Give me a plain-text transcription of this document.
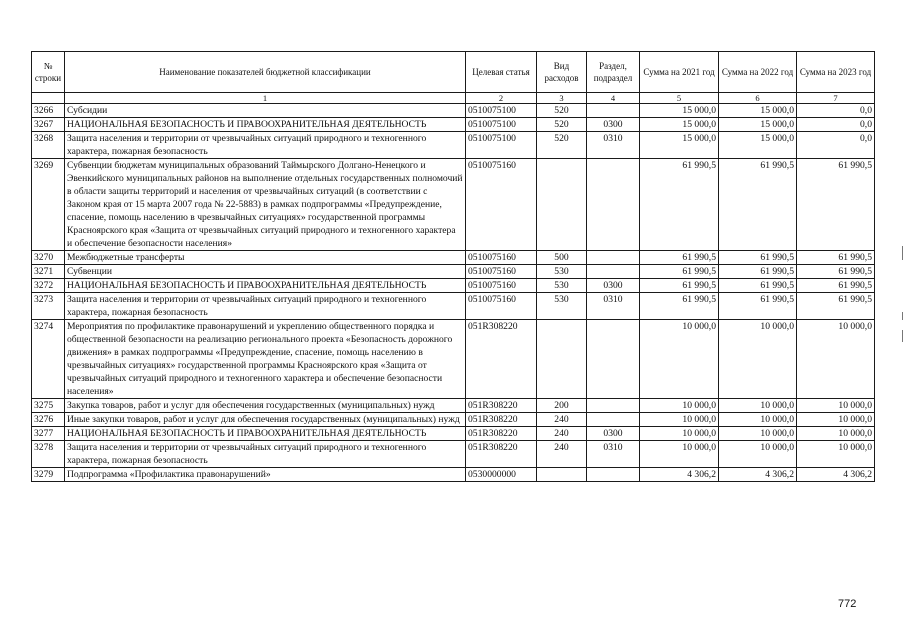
№ строки	Наименование показателей бюджетной классификации	Целевая статья	Вид расходов	Раздел, подраздел	Сумма на 2021 год	Сумма на 2022 год	Сумма на 2023 год
	1	2	3	4	5	6	7
3266	Субсидии	0510075100	520		15 000,0	15 000,0	0,0
3267	НАЦИОНАЛЬНАЯ БЕЗОПАСНОСТЬ И ПРАВООХРАНИТЕЛЬНАЯ ДЕЯТЕЛЬНОСТЬ	0510075100	520	0300	15 000,0	15 000,0	0,0
3268	Защита населения и территории от чрезвычайных ситуаций природного и техногенного характера, пожарная безопасность	0510075100	520	0310	15 000,0	15 000,0	0,0
3269	Субвенции бюджетам муниципальных образований Таймырского Долгано-Ненецкого и Эвенкийского муниципальных районов на выполнение отдельных государственных полномочий в области защиты территорий и населения от чрезвычайных ситуаций (в соответствии с Законом края от 15 марта 2007 года № 22-5883) в рамках подпрограммы «Предупреждение, спасение, помощь населению в чрезвычайных ситуациях» государственной программы Красноярского края «Защита от чрезвычайных ситуаций природного и техногенного характера и обеспечение безопасности населения»	0510075160			61 990,5	61 990,5	61 990,5
3270	Межбюджетные трансферты	0510075160	500		61 990,5	61 990,5	61 990,5
3271	Субвенции	0510075160	530		61 990,5	61 990,5	61 990,5
3272	НАЦИОНАЛЬНАЯ БЕЗОПАСНОСТЬ И ПРАВООХРАНИТЕЛЬНАЯ ДЕЯТЕЛЬНОСТЬ	0510075160	530	0300	61 990,5	61 990,5	61 990,5
3273	Защита населения и территории от чрезвычайных ситуаций природного и техногенного характера, пожарная безопасность	0510075160	530	0310	61 990,5	61 990,5	61 990,5
3274	Мероприятия по профилактике правонарушений и укреплению общественного порядка и общественной безопасности на реализацию регионального проекта «Безопасность дорожного движения» в рамках подпрограммы «Предупреждение, спасение, помощь населению в чрезвычайных ситуациях» государственной программы Красноярского края «Защита от чрезвычайных ситуаций природного и техногенного характера и обеспечение безопасности населения»	051R308220			10 000,0	10 000,0	10 000,0
3275	Закупка товаров, работ и услуг для обеспечения государственных (муниципальных) нужд	051R308220	200		10 000,0	10 000,0	10 000,0
3276	Иные закупки товаров, работ и услуг для обеспечения государственных (муниципальных) нужд	051R308220	240		10 000,0	10 000,0	10 000,0
3277	НАЦИОНАЛЬНАЯ БЕЗОПАСНОСТЬ И ПРАВООХРАНИТЕЛЬНАЯ ДЕЯТЕЛЬНОСТЬ	051R308220	240	0300	10 000,0	10 000,0	10 000,0
3278	Защита населения и территории от чрезвычайных ситуаций природного и техногенного характера, пожарная безопасность	051R308220	240	0310	10 000,0	10 000,0	10 000,0
3279	Подпрограмма «Профилактика правонарушений»	0530000000			4 306,2	4 306,2	4 306,2
772
